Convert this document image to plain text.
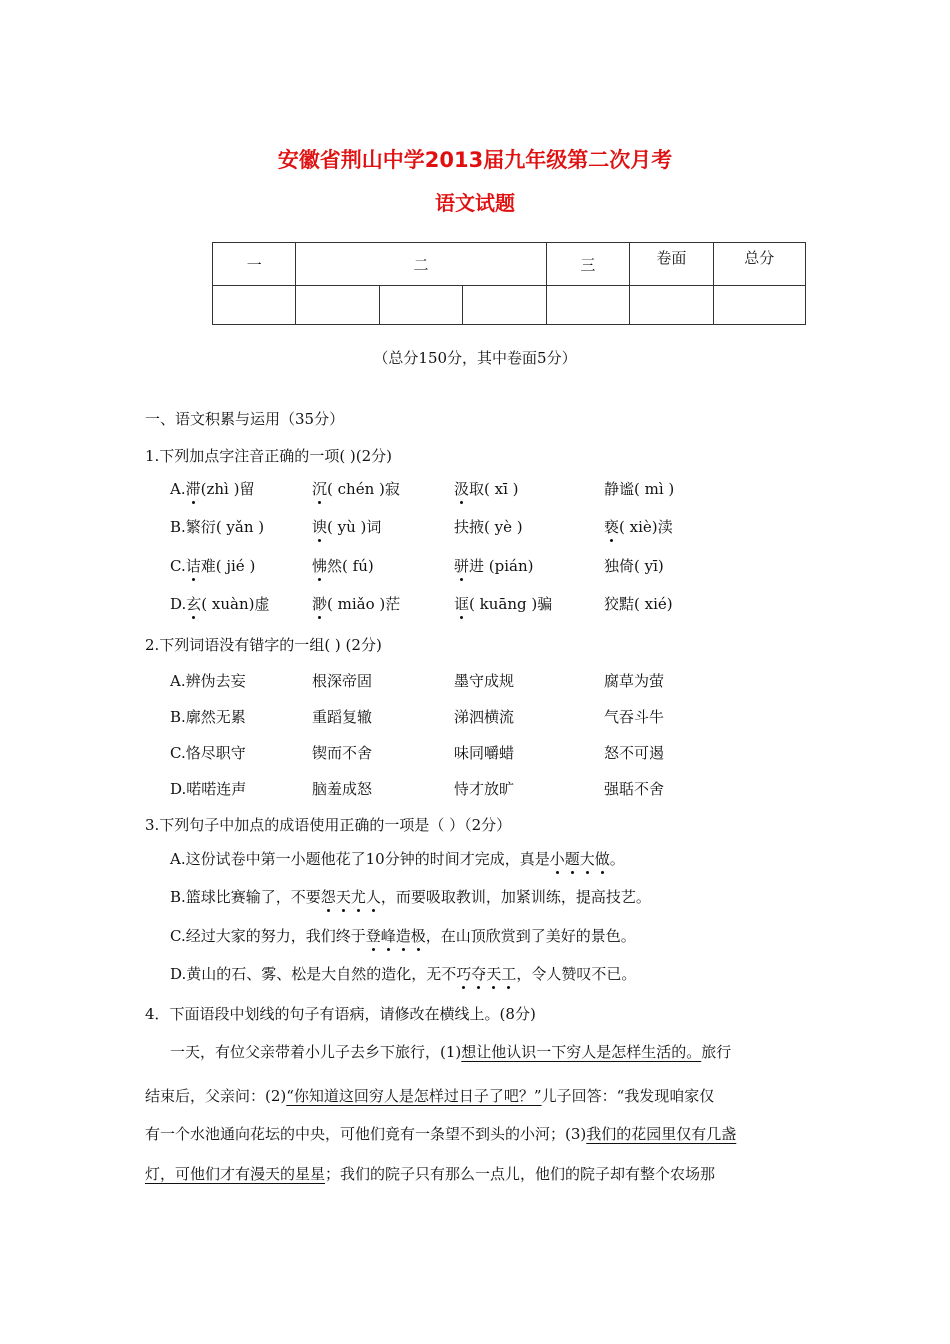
安徽省荆山中学2013届九年级第二次月考
语文试题
一	二			三	卷面	总分

（总分150分，其中卷面5分）
一、语文积累与运用（35分）
1.下列加点字注音正确的一项( )(2分)
A.滞(zhì )留	沉( chén )寂	汲取( xī )	静谧( mì )
B.繁衍( yǎn )	谀( yù )词	扶掖( yè )	亵( xiè)渎
C.诘难( jié )	怫然( fú)	骈进 (pián)	独倚( yī)
D.玄( xuàn)虚	渺( miǎo )茫	诓( kuāng )骗	狡黠( xié)
2.下列词语没有错字的一组( ) (2分)
A.辨伪去妄	根深帝固	墨守成规	腐草为萤
B.廓然无累	重蹈复辙	涕泗横流	气吞斗牛
C.恪尽职守	锲而不舍	味同嚼蜡	怒不可遏
D.喏喏连声	脑羞成怒	恃才放旷	强聒不舍
3.下列句子中加点的成语使用正确的一项是（ ）（2分）
A.这份试卷中第一小题他花了10分钟的时间才完成，真是小题大做。
B.篮球比赛输了，不要怨天尤人，而要吸取教训，加紧训练，提高技艺。
C.经过大家的努力，我们终于登峰造极，在山顶欣赏到了美好的景色。
D.黄山的石、雾、松是大自然的造化，无不巧夺天工，令人赞叹不已。
4．下面语段中划线的句子有语病，请修改在横线上。(8分)
一天，有位父亲带着小儿子去乡下旅行，(1)想让他认识一下穷人是怎样生活的。旅行
结束后，父亲问：(2)“你知道这回穷人是怎样过日子了吧？”儿子回答：“我发现咱家仅
有一个水池通向花坛的中央，可他们竟有一条望不到头的小河；(3)我们的花园里仅有几盏
灯，可他们才有漫天的星星；我们的院子只有那么一点儿，他们的院子却有整个农场那
